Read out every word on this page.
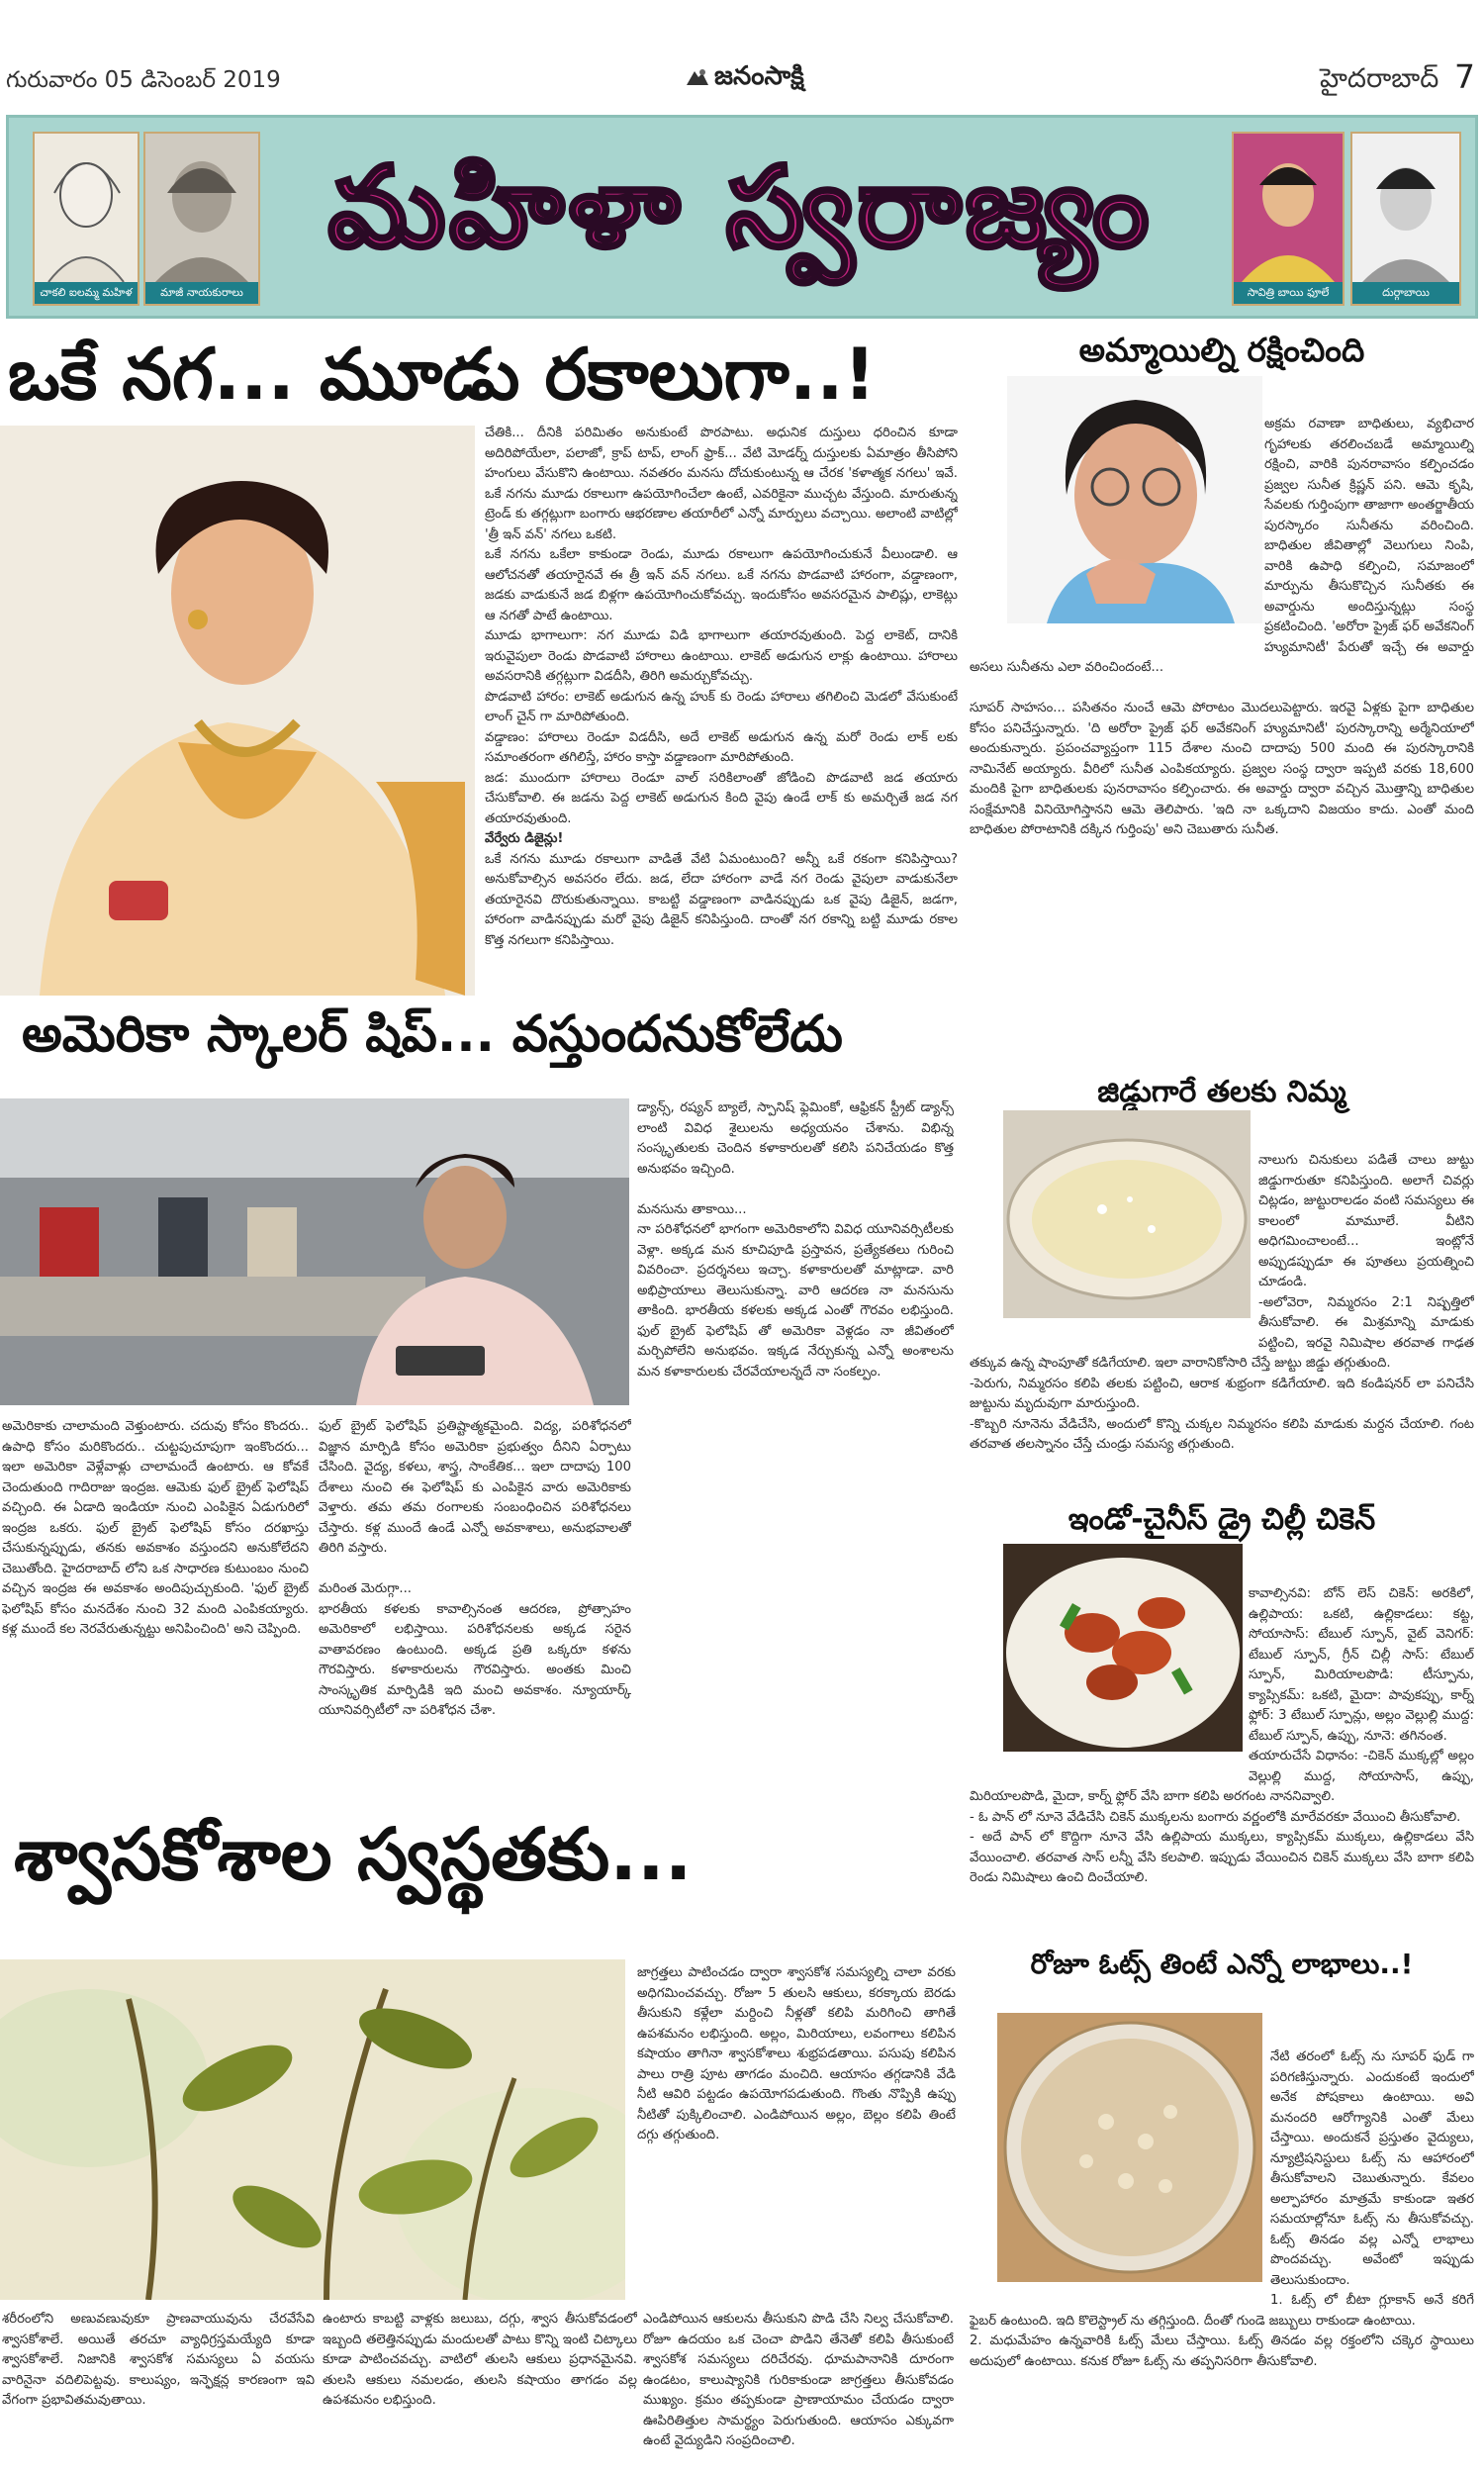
గురువారం 05 డిసెంబర్ 2019	జనంసాక్షి	హైదరాబాద్ 7
చాకలి ఐలమ్మ మహిళ	మాజీ నాయకురాలు
మహిళా స్వరాజ్యం
సావిత్రి బాయి ఫూలే	దుర్గాబాయి
ఒకే నగ... మూడు రకాలుగా..!

చేతికి... దీనికి పరిమితం అనుకుంటే పొరపాటు. అధునిక దుస్తులు ధరించిన కూడా అదిరిపోయేలా, పలాజో, క్రాప్ టాప్, లాంగ్ ఫ్రాక్... వేటి మోడర్న్ దుస్తులకు ఏమాత్రం తీసిపోని హంగులు వేసుకొని ఉంటాయి. నవతరం మనసు దోచుకుంటున్న ఆ చేరక 'కళాత్మక నగలు' ఇవే. ఒకే నగను మూడు రకాలుగా ఉపయోగించేలా ఉంటే, ఎవరికైనా ముచ్చట వేస్తుంది. మారుతున్న ట్రెండ్ కు తగ్గట్లుగా బంగారు ఆభరణాల తయారీలో ఎన్నో మార్పులు వచ్చాయి. అలాంటి వాటిల్లో 'త్రీ ఇన్ వన్' నగలు ఒకటి.

ఒకే నగను ఒకేలా కాకుండా రెండు, మూడు రకాలుగా ఉపయోగించుకునే వీలుండాలి. ఆ ఆలోచనతో తయారైనవే ఈ త్రీ ఇన్ వన్ నగలు. ఒకే నగను పొడవాటి హారంగా, వడ్డాణంగా, జడకు వాడుకునే జడ బిళ్లగా ఉపయోగించుకోవచ్చు. ఇందుకోసం అవసరమైన పాలిష్లు, లాకెట్లు ఆ నగతో పాటే ఉంటాయి.

మూడు భాగాలుగా: నగ మూడు విడి భాగాలుగా తయారవుతుంది. పెద్ద లాకెట్, దానికి ఇరువైపులా రెండు పొడవాటి హారాలు ఉంటాయి. లాకెట్ అడుగున లాక్లు ఉంటాయి. హారాలు అవసరానికి తగ్గట్లుగా విడదీసి, తిరిగి అమర్చుకోవచ్చు.

పొడవాటి హారం: లాకెట్ అడుగున ఉన్న హుక్ కు రెండు హారాలు తగిలించి మెడలో వేసుకుంటే లాంగ్ చైన్ గా మారిపోతుంది.

వడ్డాణం: హారాలు రెండూ విడదీసి, అదే లాకెట్ అడుగున ఉన్న మరో రెండు లాక్ లకు సమాంతరంగా తగిలిస్తే, హారం కాస్తా వడ్డాణంగా మారిపోతుంది.

జడ: ముందుగా హారాలు రెండూ వాల్ సరికిలాంతో జోడించి పొడవాటి జడ తయారు చేసుకోవాలి. ఈ జడను పెద్ద లాకెట్ అడుగున కింది వైపు ఉండే లాక్ కు అమర్చితే జడ నగ తయారవుతుంది.

వేర్వేరు డిజైన్లు!

ఒకే నగను మూడు రకాలుగా వాడితే వేటి ఏమంటుంది? అన్నీ ఒకే రకంగా కనిపిస్తాయి? అనుకోవాల్సిన అవసరం లేదు. జడ, లేదా హారంగా వాడే నగ రెండు వైపులా వాడుకునేలా తయారైనవి దొరుకుతున్నాయి. కాబట్టి వడ్డాణంగా వాడినప్పుడు ఒక వైపు డిజైన్, జడగా, హారంగా వాడినప్పుడు మరో వైపు డిజైన్ కనిపిస్తుంది. దాంతో నగ రకాన్ని బట్టి మూడు రకాల కొత్త నగలుగా కనిపిస్తాయి.

అమెరికా స్కాలర్ షిప్... వస్తుందనుకోలేదు
అమెరికాకు చాలామంది వెళ్తుంటారు. చదువు కోసం కొందరు.. ఉపాధి కోసం మరికొందరు.. చుట్టపుచూపుగా ఇంకొందరు... ఇలా అమెరికా వెళ్లేవాళ్లు చాలామందే ఉంటారు. ఆ కోవకే చెందుతుంది గాదిరాజు ఇంద్రజ. ఆమెకు ఫుల్ బ్రైట్ ఫెలోషిప్ వచ్చింది. ఈ ఏడాది ఇండియా నుంచి ఎంపికైన ఏడుగురిలో ఇంద్రజ ఒకరు. ఫుల్ బ్రైట్ ఫెలోషిప్ కోసం దరఖాస్తు చేసుకున్నప్పుడు, తనకు అవకాశం వస్తుందని అనుకోలేదని చెబుతోంది. హైదరాబాద్ లోని ఒక సాధారణ కుటుంబం నుంచి వచ్చిన ఇంద్రజ ఈ అవకాశం అందిపుచ్చుకుంది. 'ఫుల్ బ్రైట్ ఫెలోషిప్ కోసం మనదేశం నుంచి 32 మంది ఎంపికయ్యారు. కళ్ల ముందే కల నెరవేరుతున్నట్టు అనిపించింది' అని చెప్పింది.
ఫుల్ బ్రైట్ ఫెలోషిప్ ప్రతిష్టాత్మకమైంది. విద్య, పరిశోధనలో విజ్ఞాన మార్పిడి కోసం అమెరికా ప్రభుత్వం దీనిని ఏర్పాటు చేసింది. వైద్య, కళలు, శాస్త్ర, సాంకేతిక... ఇలా దాదాపు 100 దేశాలు నుంచి ఈ ఫెలోషిప్ కు ఎంపికైన వారు అమెరికాకు వెళ్తారు. తమ తమ రంగాలకు సంబంధించిన పరిశోధనలు చేస్తారు. కళ్ల ముందే ఉండే ఎన్నో అవకాశాలు, అనుభవాలతో తిరిగి వస్తారు.

మరింత మెరుగ్గా...
భారతీయ కళలకు కావాల్సినంత ఆదరణ, ప్రోత్సాహం అమెరికాలో లభిస్తాయి. పరిశోధనలకు అక్కడ సరైన వాతావరణం ఉంటుంది. అక్కడ ప్రతి ఒక్కరూ కళను గౌరవిస్తారు. కళాకారులను గౌరవిస్తారు. అంతకు మించి సాంస్కృతిక మార్పిడికి ఇది మంచి అవకాశం. న్యూయార్క్ యూనివర్సిటీలో నా పరిశోధన చేశా.
డ్యాన్స్, రష్యన్ బ్యాలే, స్పానిష్ ఫ్లెమింకో, ఆఫ్రికన్ స్ట్రీట్ డ్యాన్స్ లాంటి వివిధ శైలులను అధ్యయనం చేశాను. విభిన్న సంస్కృతులకు చెందిన కళాకారులతో కలిసి పనిచేయడం కొత్త అనుభవం ఇచ్చింది.

మనసును తాకాయి...
నా పరిశోధనలో భాగంగా అమెరికాలోని వివిధ యూనివర్సిటీలకు వెళ్లా. అక్కడ మన కూచిపూడి ప్రస్తావన, ప్రత్యేకతలు గురించి వివరించా. ప్రదర్శనలు ఇచ్చా. కళాకారులతో మాట్లాడా. వారి అభిప్రాయాలు తెలుసుకున్నా. వారి ఆదరణ నా మనసును తాకింది. భారతీయ కళలకు అక్కడ ఎంతో గౌరవం లభిస్తుంది. ఫుల్ బ్రైట్ ఫెలోషిప్ తో అమెరికా వెళ్లడం నా జీవితంలో మర్చిపోలేని అనుభవం. ఇక్కడ నేర్చుకున్న ఎన్నో అంశాలను మన కళాకారులకు చేరవేయాలన్నదే నా సంకల్పం.
శ్వాసకోశాల స్వస్థతకు...
శరీరంలోని అణువణువుకూ ప్రాణవాయువును చేరవేసేవి శ్వాసకోశాలే. అయితే తరచూ వ్యాధిగ్రస్తమయ్యేది కూడా శ్వాసకోశాలే. నిజానికి శ్వాసకోశ సమస్యలు ఏ వయసు వారినైనా వదిలిపెట్టవు. కాలుష్యం, ఇన్ఫెక్షన్ల కారణంగా ఇవి వేగంగా ప్రభావితమవుతాయి.
ఉంటారు కాబట్టి వాళ్లకు జలుబు, దగ్గు, శ్వాస తీసుకోవడంలో ఇబ్బంది తలెత్తినప్పుడు మందులతో పాటు కొన్ని ఇంటి చిట్కాలు కూడా పాటించవచ్చు. వాటిలో తులసి ఆకులు ప్రధానమైనవి. తులసి ఆకులు నమలడం, తులసి కషాయం తాగడం వల్ల ఉపశమనం లభిస్తుంది.
జాగ్రత్తలు పాటించడం ద్వారా శ్వాసకోశ సమస్యల్ని చాలా వరకు అధిగమించవచ్చు. రోజూ 5 తులసి ఆకులు, కరక్కాయ బెరడు తీసుకుని కళ్లేలా మర్దించి నీళ్లతో కలిపి మరిగించి తాగితే ఉపశమనం లభిస్తుంది. అల్లం, మిరియాలు, లవంగాలు కలిపిన కషాయం తాగినా శ్వాసకోశాలు శుభ్రపడతాయి. పసుపు కలిపిన పాలు రాత్రి పూట తాగడం మంచిది. ఆయాసం తగ్గడానికి వేడి నీటి ఆవిరి పట్టడం ఉపయోగపడుతుంది. గొంతు నొప్పికి ఉప్పు నీటితో పుక్కిలించాలి. ఎండిపోయిన అల్లం, బెల్లం కలిపి తింటే దగ్గు తగ్గుతుంది.
ఎండిపోయిన ఆకులను తీసుకుని పొడి చేసి నిల్వ చేసుకోవాలి. రోజూ ఉదయం ఒక చెంచా పొడిని తేనెతో కలిపి తీసుకుంటే శ్వాసకోశ సమస్యలు దరిచేరవు. ధూమపానానికి దూరంగా ఉండటం, కాలుష్యానికి గురికాకుండా జాగ్రత్తలు తీసుకోవడం ముఖ్యం. క్రమం తప్పకుండా ప్రాణాయామం చేయడం ద్వారా ఊపిరితిత్తుల సామర్థ్యం పెరుగుతుంది. ఆయాసం ఎక్కువగా ఉంటే వైద్యుడిని సంప్రదించాలి.
అమ్మాయిల్ని రక్షించింది

అక్రమ రవాణా బాధితులు, వ్యభిచార గృహాలకు తరలించబడే అమ్మాయిల్ని రక్షించి, వారికి పునరావాసం కల్పించడం ప్రజ్వల సునీత క్రిష్ణన్ పని. ఆమె కృషి, సేవలకు గుర్తింపుగా తాజాగా అంతర్జాతీయ పురస్కారం సునీతను వరించింది. బాధితుల జీవితాల్లో వెలుగులు నింపి, వారికి ఉపాధి కల్పించి, సమాజంలో మార్పును తీసుకొచ్చిన సునీతకు ఈ అవార్డును అందిస్తున్నట్లు సంస్థ ప్రకటించింది. 'అరోరా ప్రైజ్ ఫర్ అవేకనింగ్ హ్యుమానిటీ' పేరుతో ఇచ్చే ఈ అవార్డు అసలు సునీతను ఎలా వరించిందంటే...

సూపర్ సాహసం... పసితనం నుంచే ఆమె పోరాటం మొదలుపెట్టారు. ఇరవై ఏళ్లకు పైగా బాధితుల కోసం పనిచేస్తున్నారు. 'ది అరోరా ప్రైజ్ ఫర్ అవేకనింగ్ హ్యుమానిటీ' పురస్కారాన్ని అర్మేనియాలో అందుకున్నారు. ప్రపంచవ్యాప్తంగా 115 దేశాల నుంచి దాదాపు 500 మంది ఈ పురస్కారానికి నామినేట్ అయ్యారు. వీరిలో సునీత ఎంపికయ్యారు. ప్రజ్వల సంస్థ ద్వారా ఇప్పటి వరకు 18,600 మందికి పైగా బాధితులకు పునరావాసం కల్పించారు. ఈ అవార్డు ద్వారా వచ్చిన మొత్తాన్ని బాధితుల సంక్షేమానికి వినియోగిస్తానని ఆమె తెలిపారు. 'ఇది నా ఒక్కదాని విజయం కాదు. ఎంతో మంది బాధితుల పోరాటానికి దక్కిన గుర్తింపు' అని చెబుతారు సునీత.

జిడ్డుగారే తలకు నిమ్మ

నాలుగు చినుకులు పడితే చాలు జుట్టు జిడ్డుగారుతూ కనిపిస్తుంది. అలాగే చివర్లు చిట్లడం, జుట్టురాలడం వంటి సమస్యలు ఈ కాలంలో మామూలే. వీటిని అధిగమించాలంటే... ఇంట్లోనే అప్పుడప్పుడూ ఈ పూతలు ప్రయత్నించి చూడండి.
-అలోవెరా, నిమ్మరసం 2:1 నిష్పత్తిలో తీసుకోవాలి. ఈ మిశ్రమాన్ని మాడుకు పట్టించి, ఇరవై నిమిషాల తరవాత గాఢత తక్కువ ఉన్న షాంపూతో కడిగేయాలి. ఇలా వారానికోసారి చేస్తే జుట్టు జిడ్డు తగ్గుతుంది.
-పెరుగు, నిమ్మరసం కలిపి తలకు పట్టించి, ఆరాక శుభ్రంగా కడిగేయాలి. ఇది కండిషనర్ లా పనిచేసి జుట్టును మృదువుగా మారుస్తుంది.
-కొబ్బరి నూనెను వేడిచేసి, అందులో కొన్ని చుక్కల నిమ్మరసం కలిపి మాడుకు మర్దన చేయాలి. గంట తరవాత తలస్నానం చేస్తే చుండ్రు సమస్య తగ్గుతుంది.

ఇండో-చైనీస్ డ్రై చిల్లీ చికెన్

కావాల్సినవి: బోన్ లెస్ చికెన్: అరకిలో, ఉల్లిపాయ: ఒకటి, ఉల్లికాడలు: కట్ట, సోయాసాస్: టేబుల్ స్పూన్, వైట్ వెనిగర్: టేబుల్ స్పూన్, గ్రీన్ చిల్లీ సాస్: టేబుల్ స్పూన్, మిరియాలపొడి: టీస్పూను, క్యాప్సికమ్: ఒకటి, మైదా: పావుకప్పు, కార్న్ ఫ్లోర్: 3 టేబుల్ స్పూన్లు, అల్లం వెల్లుల్లి ముద్ద: టేబుల్ స్పూన్, ఉప్పు, నూనె: తగినంత.
తయారుచేసే విధానం: -చికెన్ ముక్కల్లో అల్లం వెల్లుల్లి ముద్ద, సోయాసాస్, ఉప్పు, మిరియాలపొడి, మైదా, కార్న్ ఫ్లోర్ వేసి బాగా కలిపి అరగంట నాననివ్వాలి.
- ఓ పాన్ లో నూనె వేడిచేసి చికెన్ ముక్కలను బంగారు వర్ణంలోకి మారేవరకూ వేయించి తీసుకోవాలి.
- అదే పాన్ లో కొద్దిగా నూనె వేసి ఉల్లిపాయ ముక్కలు, క్యాప్సికమ్ ముక్కలు, ఉల్లికాడలు వేసి వేయించాలి. తరవాత సాస్ లన్నీ వేసి కలపాలి. ఇప్పుడు వేయించిన చికెన్ ముక్కలు వేసి బాగా కలిపి రెండు నిమిషాలు ఉంచి దించేయాలి.

రోజూ ఓట్స్ తింటే ఎన్నో లాభాలు..!

నేటి తరంలో ఓట్స్ ను సూపర్ ఫుడ్ గా పరిగణిస్తున్నారు. ఎందుకంటే ఇందులో అనేక పోషకాలు ఉంటాయి. అవి మనందరి ఆరోగ్యానికి ఎంతో మేలు చేస్తాయి. అందుకనే ప్రస్తుతం వైద్యులు, న్యూట్రిషనిస్టులు ఓట్స్ ను ఆహారంలో తీసుకోవాలని చెబుతున్నారు. కేవలం అల్పాహారం మాత్రమే కాకుండా ఇతర సమయాల్లోనూ ఓట్స్ ను తీసుకోవచ్చు. ఓట్స్ తినడం వల్ల ఎన్నో లాభాలు పొందవచ్చు. అవేంటో ఇప్పుడు తెలుసుకుందాం.
1. ఓట్స్ లో బీటా గ్లూకాన్ అనే కరిగే ఫైబర్ ఉంటుంది. ఇది కొలెస్ట్రాల్ ను తగ్గిస్తుంది. దీంతో గుండె జబ్బులు రాకుండా ఉంటాయి.
2. మధుమేహం ఉన్నవారికి ఓట్స్ మేలు చేస్తాయి. ఓట్స్ తినడం వల్ల రక్తంలోని చక్కెర స్థాయిలు అదుపులో ఉంటాయి. కనుక రోజూ ఓట్స్ ను తప్పనిసరిగా తీసుకోవాలి.
